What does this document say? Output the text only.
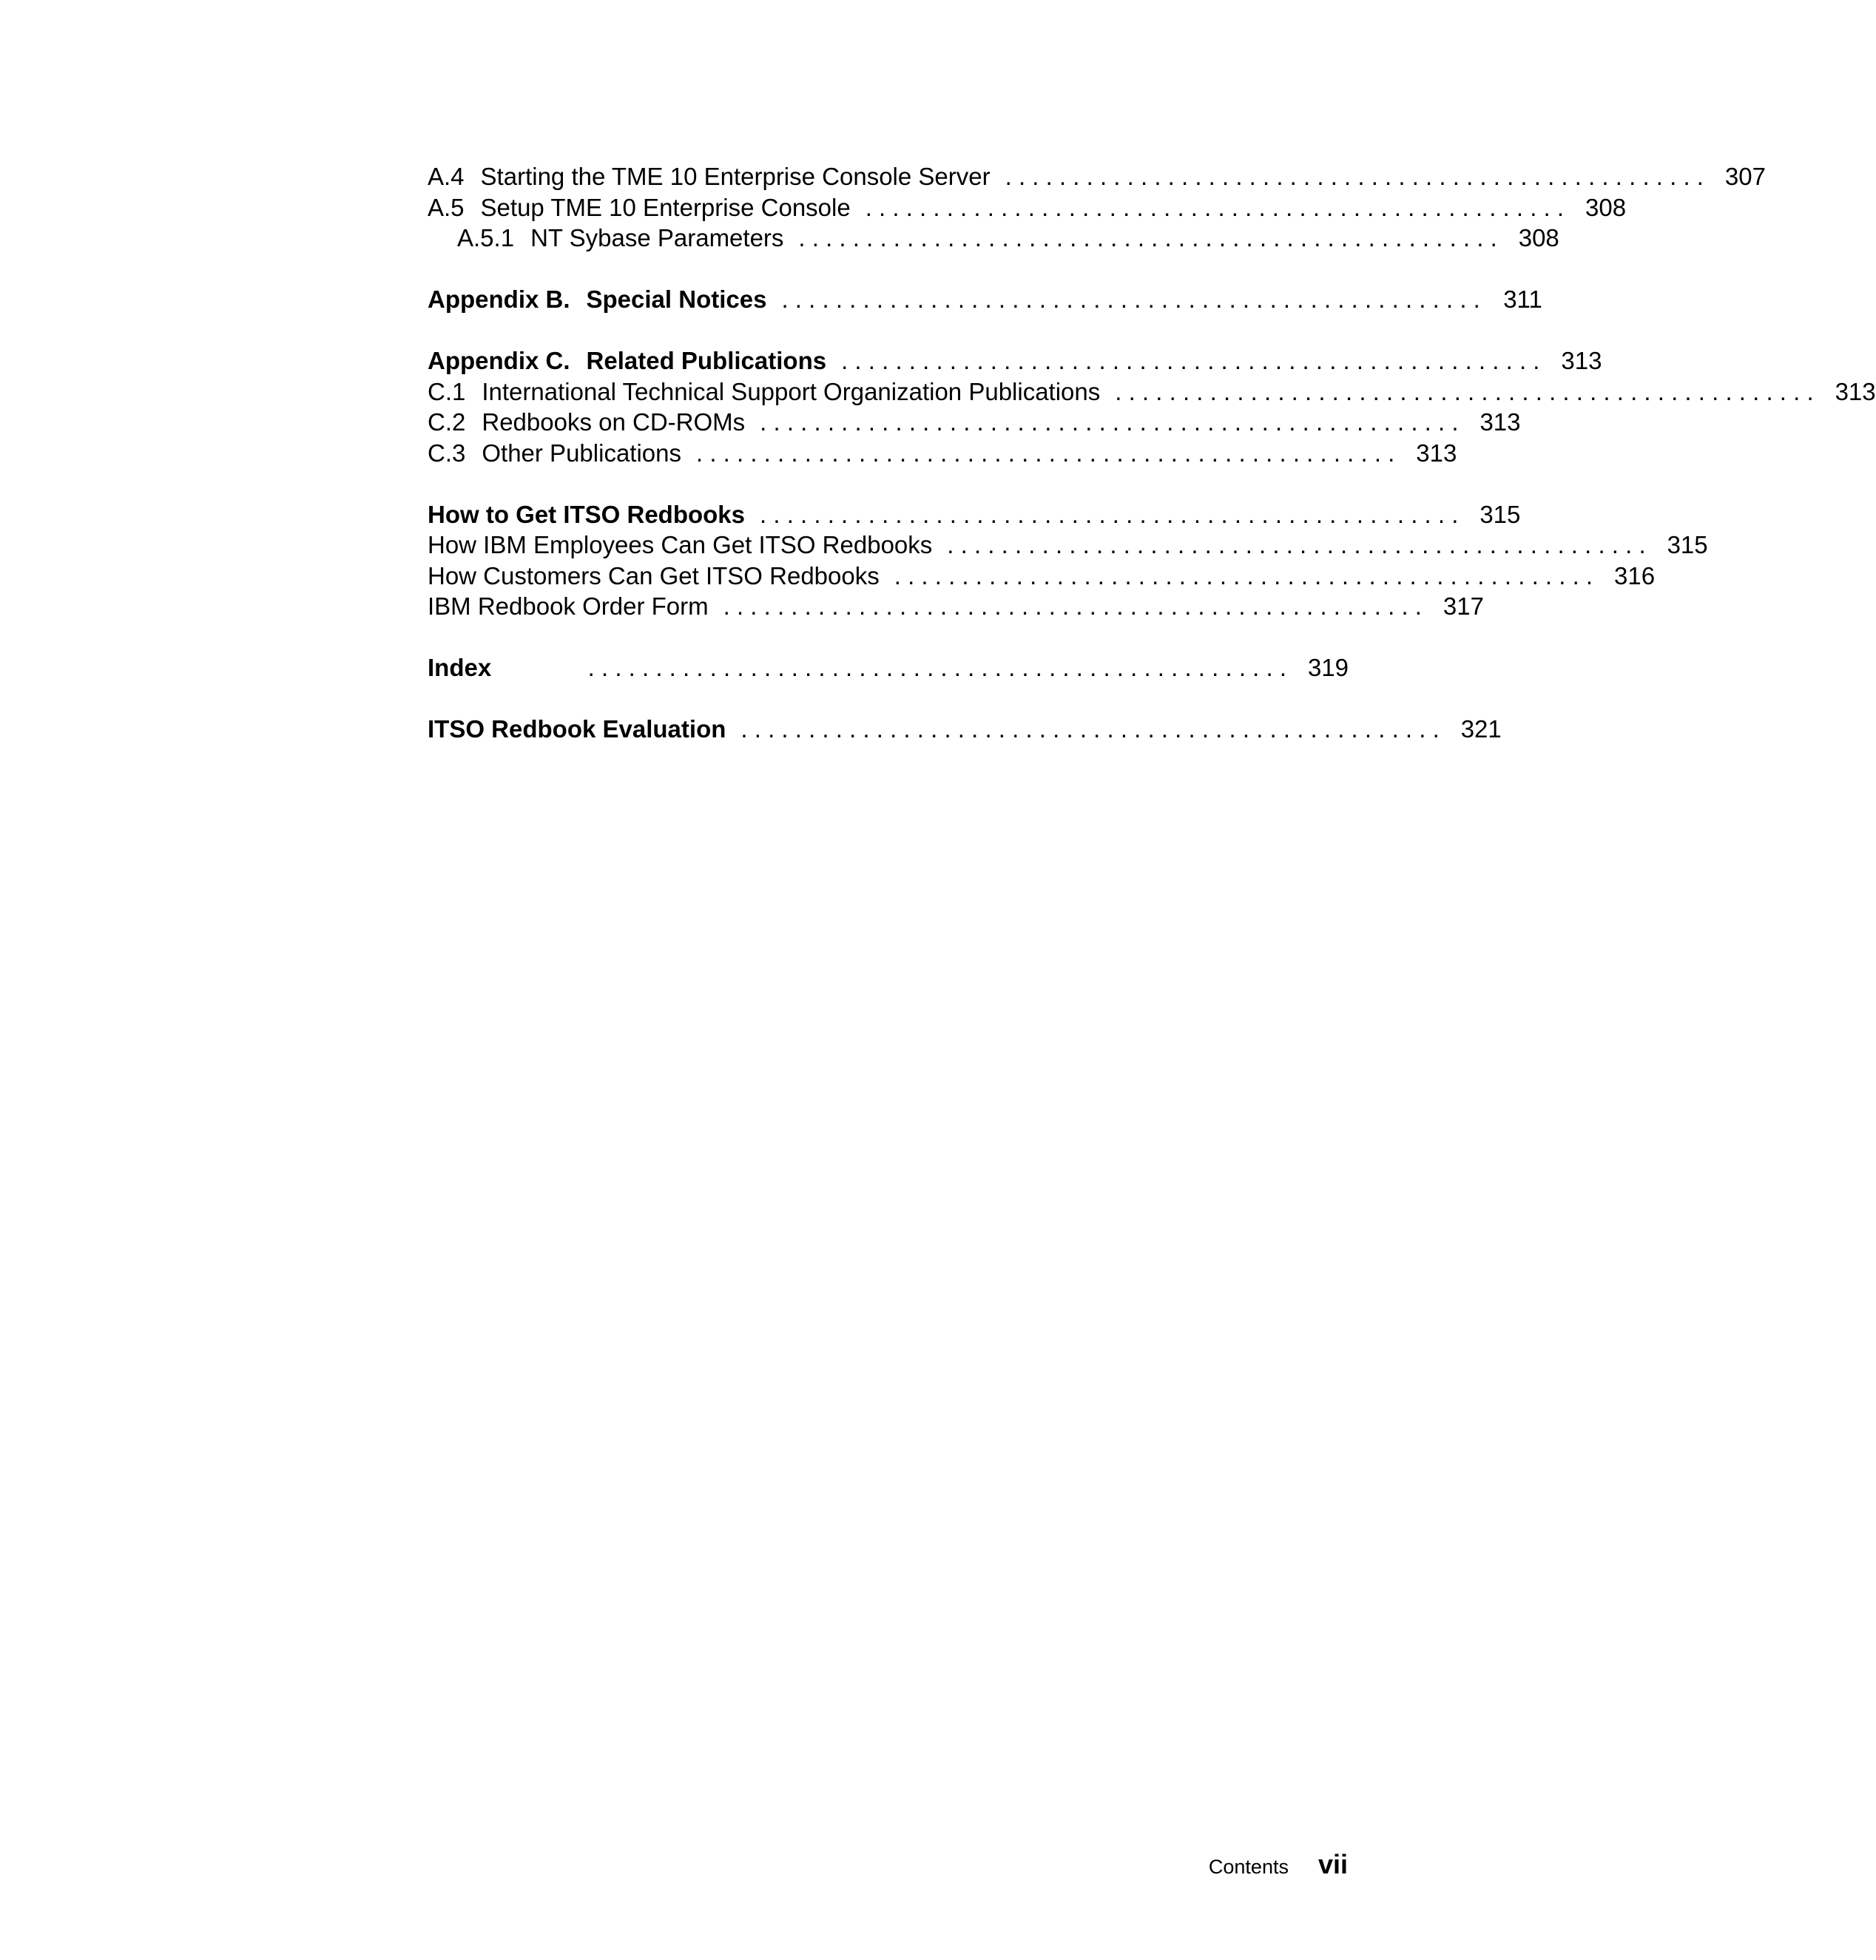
A.4 Starting the TME 10 Enterprise Console Server . . . . . . . . . . . . . . . . . . . . . . . . . . . . . . . . . . . . . . . . . . . . . . . . . . . . 307
A.5 Setup TME 10 Enterprise Console . . . . . . . . . . . . . . . . . . . . . . . . . . . . . . . . . . . . . . . . . . . . . . . . . . . . 308
A.5.1 NT Sybase Parameters . . . . . . . . . . . . . . . . . . . . . . . . . . . . . . . . . . . . . . . . . . . . . . . . . . . . 308
Appendix B. Special Notices . . . . . . . . . . . . . . . . . . . . . . . . . . . . . . . . . . . . . . . . . . . . . . . . . . . . 311
Appendix C. Related Publications . . . . . . . . . . . . . . . . . . . . . . . . . . . . . . . . . . . . . . . . . . . . . . . . . . . . 313
C.1 International Technical Support Organization Publications . . . . . . . . . . . . . . . . . . . . . . . . . . . . . . . . . . . . . . . . . . . . . . . . . . . . 313
C.2 Redbooks on CD-ROMs . . . . . . . . . . . . . . . . . . . . . . . . . . . . . . . . . . . . . . . . . . . . . . . . . . . . 313
C.3 Other Publications . . . . . . . . . . . . . . . . . . . . . . . . . . . . . . . . . . . . . . . . . . . . . . . . . . . . 313
How to Get ITSO Redbooks . . . . . . . . . . . . . . . . . . . . . . . . . . . . . . . . . . . . . . . . . . . . . . . . . . . . 315
How IBM Employees Can Get ITSO Redbooks . . . . . . . . . . . . . . . . . . . . . . . . . . . . . . . . . . . . . . . . . . . . . . . . . . . . 315
How Customers Can Get ITSO Redbooks . . . . . . . . . . . . . . . . . . . . . . . . . . . . . . . . . . . . . . . . . . . . . . . . . . . . 316
IBM Redbook Order Form . . . . . . . . . . . . . . . . . . . . . . . . . . . . . . . . . . . . . . . . . . . . . . . . . . . . 317
Index	. . . . . . . . . . . . . . . . . . . . . . . . . . . . . . . . . . . . . . . . . . . . . . . . . . . . 319
ITSO Redbook Evaluation . . . . . . . . . . . . . . . . . . . . . . . . . . . . . . . . . . . . . . . . . . . . . . . . . . . . 321
Contents vii
